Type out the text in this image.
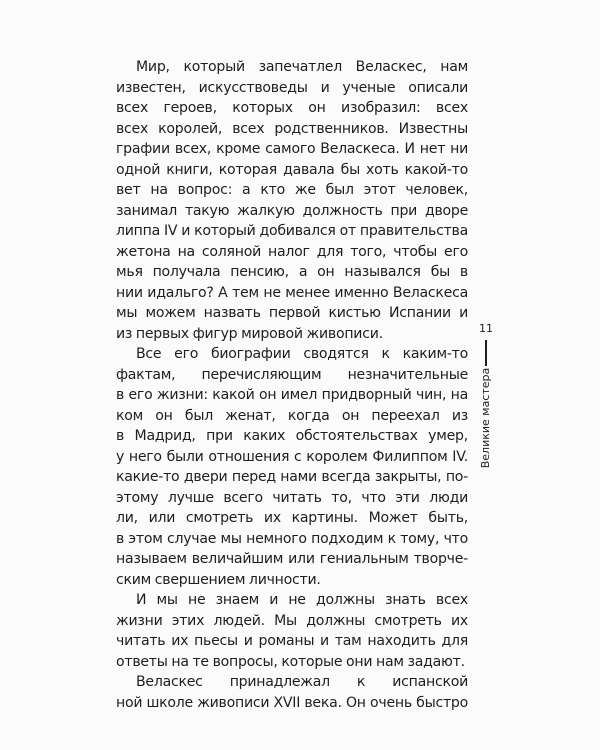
Мир, который запечатлел Веласкес, нам
известен, искусствоведы и ученые описали
всех героев, которых он изобразил: всех
всех королей, всех родственников. Известны
графии всех, кроме самого Веласкеса. И нет ни
одной книги, которая давала бы хоть какой-то
вет на вопрос: а кто же был этот человек,
занимал такую жалкую должность при дворе
липпа IV и который добивался от правительства
жетона на соляной налог для того, чтобы его
мья получала пенсию, а он назывался бы в
нии идальго? А тем не менее именно Веласкеса
мы можем назвать первой кистью Испании и
из первых фигур мировой живописи.
Все его биографии сводятся к каким-то
фактам, перечисляющим незначительные
в его жизни: какой он имел придворный чин, на
ком он был женат, когда он переехал из
в Мадрид, при каких обстоятельствах умер,
у него были отношения с королем Филиппом IV.
какие-то двери перед нами всегда закрыты, по-
этому лучше всего читать то, что эти люди
ли, или смотреть их картины. Может быть,
в этом случае мы немного подходим к тому, что
называем величайшим или гениальным творче-
ским свершением личности.
И мы не знаем и не должны знать всех
жизни этих людей. Мы должны смотреть их
читать их пьесы и романы и там находить для
ответы на те вопросы, которые они нам задают.
Веласкес принадлежал к испанской
ной школе живописи XVII века. Он очень быстро
11
Великие мастера
